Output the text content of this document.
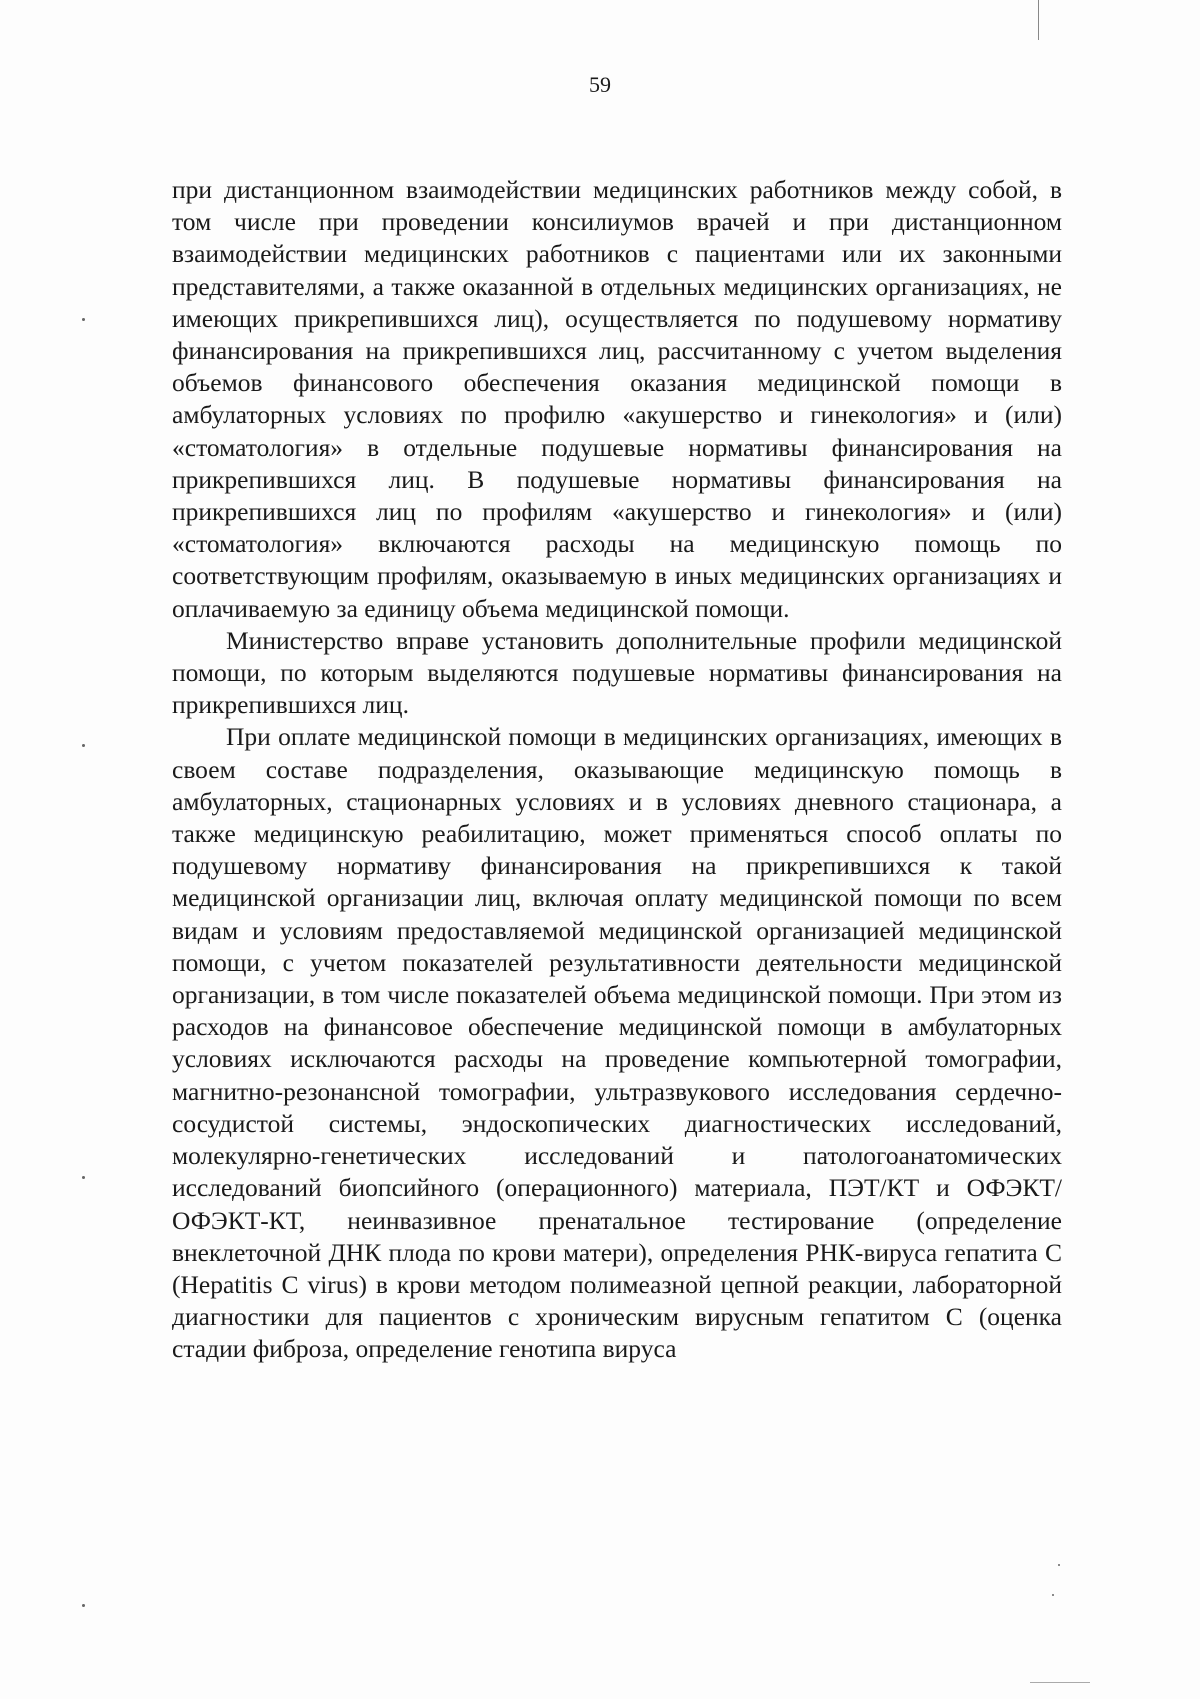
59

при дистанционном взаимодействии медицинских работников между собой, в том числе при проведении консилиумов врачей и при дистанционном взаимодействии медицинских работников с пациентами или их законными представителями, а также оказанной в отдельных медицинских организациях, не имеющих прикрепившихся лиц), осуществляется по подушевому нормативу финансирования на прикрепившихся лиц, рассчитанному с учетом выделения объемов финансового обеспечения оказания медицинской помощи в амбулаторных условиях по профилю «акушерство и гинекология» и (или) «стоматология» в отдельные подушевые нормативы финансирования на прикрепившихся лиц. В подушевые нормативы финансирования на прикрепившихся лиц по профилям «акушерство и гинекология» и (или) «стоматология» включаются расходы на медицинскую помощь по соответствующим профилям, оказываемую в иных медицинских организациях и оплачиваемую за единицу объема медицинской помощи.

Министерство вправе установить дополнительные профили медицинской помощи, по которым выделяются подушевые нормативы финансирования на прикрепившихся лиц.

При оплате медицинской помощи в медицинских организациях, имеющих в своем составе подразделения, оказывающие медицинскую помощь в амбулаторных, стационарных условиях и в условиях дневного стационара, а также медицинскую реабилитацию, может применяться способ оплаты по подушевому нормативу финансирования на прикрепившихся к такой медицинской организации лиц, включая оплату медицинской помощи по всем видам и условиям предоставляемой медицинской организацией медицинской помощи, с учетом показателей результативности деятельности медицинской организации, в том числе показателей объема медицинской помощи. При этом из расходов на финансовое обеспечение медицинской помощи в амбулаторных условиях исключаются расходы на проведение компьютерной томографии, магнитно-резонансной томографии, ультразвукового исследования сердечно-сосудистой системы, эндоскопических диагностических исследований, молекулярно-генетических исследований и патологоанатомических исследований биопсийного (операционного) материала, ПЭТ/КТ и ОФЭКТ/ОФЭКТ-КТ, неинвазивное пренатальное тестирование (определение внеклеточной ДНК плода по крови матери), определения РНК-вируса гепатита С (Hepatitis C virus) в крови методом полимеазной цепной реакции, лабораторной диагностики для пациентов с хроническим вирусным гепатитом С (оценка стадии фиброза, определение генотипа вируса
